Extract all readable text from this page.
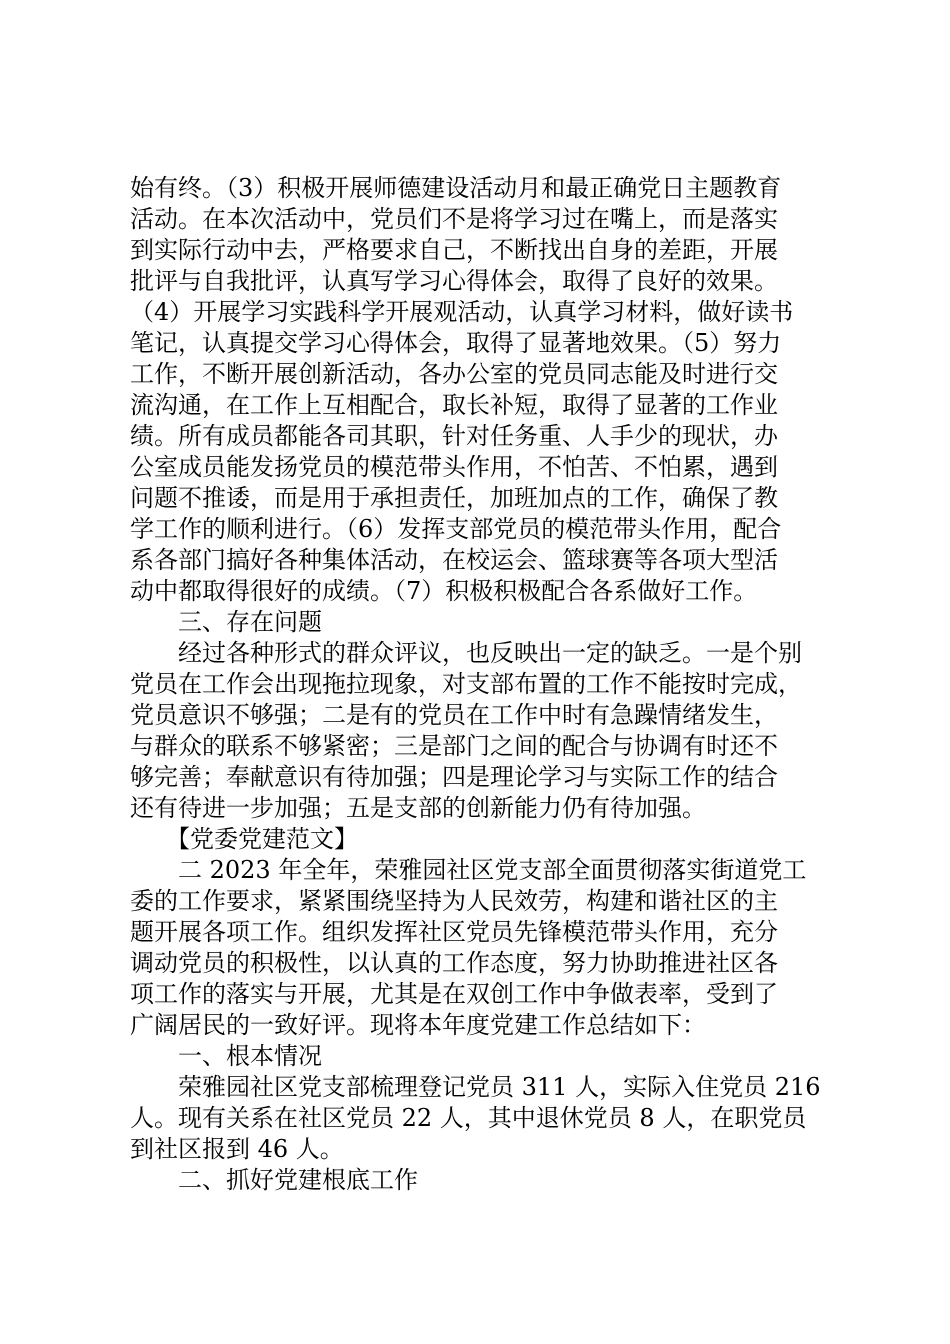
始有终。（3）积极开展师德建设活动月和最正确党日主题教育
活动。在本次活动中，党员们不是将学习过在嘴上，而是落实
到实际行动中去，严格要求自己，不断找出自身的差距，开展
批评与自我批评，认真写学习心得体会，取得了良好的效果。
（4）开展学习实践科学开展观活动，认真学习材料，做好读书
笔记，认真提交学习心得体会，取得了显著地效果。（5）努力
工作，不断开展创新活动，各办公室的党员同志能及时进行交
流沟通，在工作上互相配合，取长补短，取得了显著的工作业
绩。所有成员都能各司其职，针对任务重、人手少的现状，办
公室成员能发扬党员的模范带头作用，不怕苦、不怕累，遇到
问题不推诿，而是用于承担责任，加班加点的工作，确保了教
学工作的顺利进行。（6）发挥支部党员的模范带头作用，配合
系各部门搞好各种集体活动，在校运会、篮球赛等各项大型活
动中都取得很好的成绩。（7）积极积极配合各系做好工作。
　　三、存在问题
　　经过各种形式的群众评议，也反映出一定的缺乏。一是个别
党员在工作会出现拖拉现象，对支部布置的工作不能按时完成，
党员意识不够强；二是有的党员在工作中时有急躁情绪发生，
与群众的联系不够紧密；三是部门之间的配合与协调有时还不
够完善；奉献意识有待加强；四是理论学习与实际工作的结合
还有待进一步加强；五是支部的创新能力仍有待加强。
　　【党委党建范文】
　　二 2023 年全年，荣雅园社区党支部全面贯彻落实街道党工
委的工作要求，紧紧围绕坚持为人民效劳，构建和谐社区的主
题开展各项工作。组织发挥社区党员先锋模范带头作用，充分
调动党员的积极性，以认真的工作态度，努力协助推进社区各
项工作的落实与开展，尤其是在双创工作中争做表率，受到了
广阔居民的一致好评。现将本年度党建工作总结如下：
　　一、根本情况
　　荣雅园社区党支部梳理登记党员 311 人，实际入住党员 216
人。现有关系在社区党员 22 人，其中退休党员 8 人，在职党员
到社区报到 46 人。
　　二、抓好党建根底工作
